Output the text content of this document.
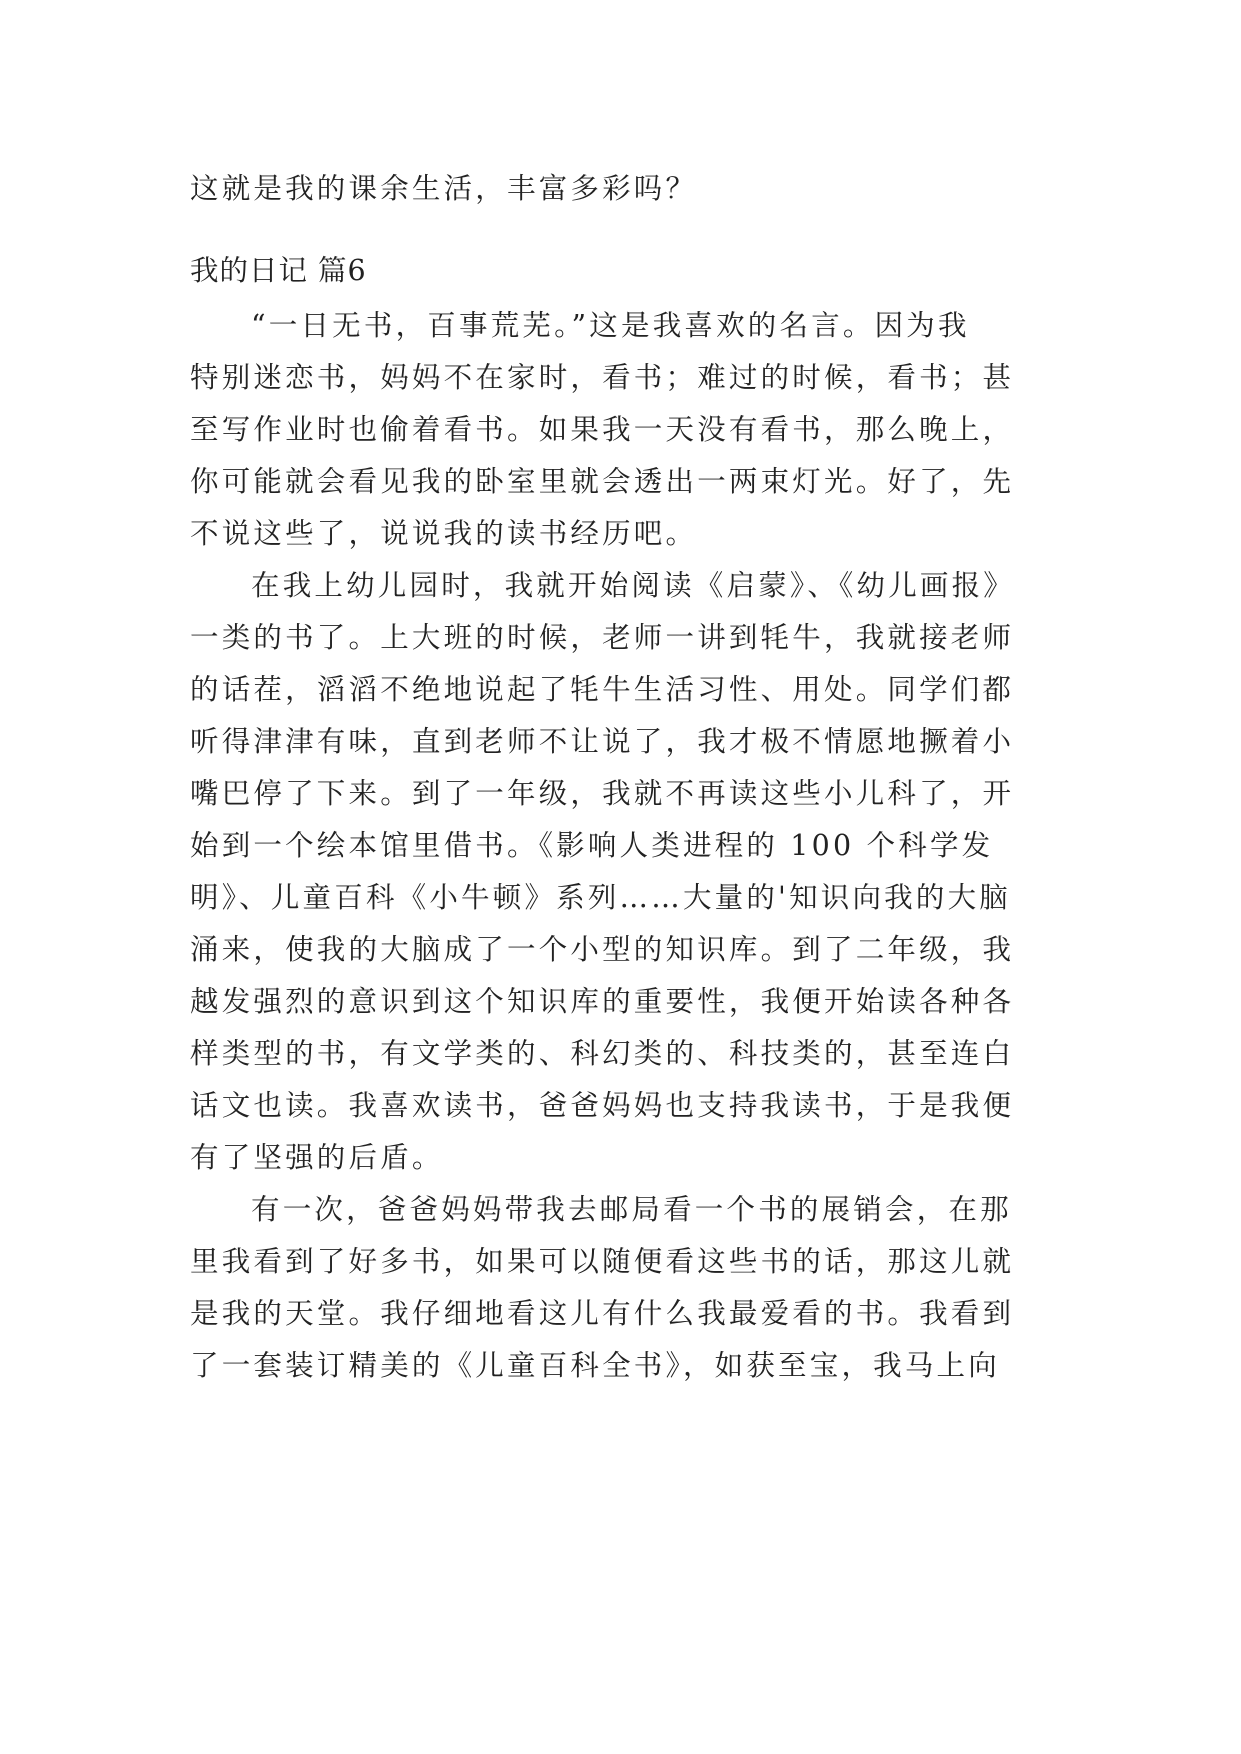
这就是我的课余生活，丰富多彩吗？
我的日记 篇6
“一日无书，百事荒芜。”这是我喜欢的名言。因为我
特别迷恋书，妈妈不在家时，看书；难过的时候，看书；甚
至写作业时也偷着看书。如果我一天没有看书，那么晚上，
你可能就会看见我的卧室里就会透出一两束灯光。好了，先
不说这些了，说说我的读书经历吧。
在我上幼儿园时，我就开始阅读《启蒙》、《幼儿画报》
一类的书了。上大班的时候，老师一讲到牦牛，我就接老师
的话茬，滔滔不绝地说起了牦牛生活习性、用处。同学们都
听得津津有味，直到老师不让说了，我才极不情愿地撅着小
嘴巴停了下来。到了一年级，我就不再读这些小儿科了，开
始到一个绘本馆里借书。《影响人类进程的 100 个科学发
明》、儿童百科《小牛顿》系列……大量的'知识向我的大脑
涌来，使我的大脑成了一个小型的知识库。到了二年级，我
越发强烈的意识到这个知识库的重要性，我便开始读各种各
样类型的书，有文学类的、科幻类的、科技类的，甚至连白
话文也读。我喜欢读书，爸爸妈妈也支持我读书，于是我便
有了坚强的后盾。
有一次，爸爸妈妈带我去邮局看一个书的展销会，在那
里我看到了好多书，如果可以随便看这些书的话，那这儿就
是我的天堂。我仔细地看这儿有什么我最爱看的书。我看到
了一套装订精美的《儿童百科全书》，如获至宝，我马上向
